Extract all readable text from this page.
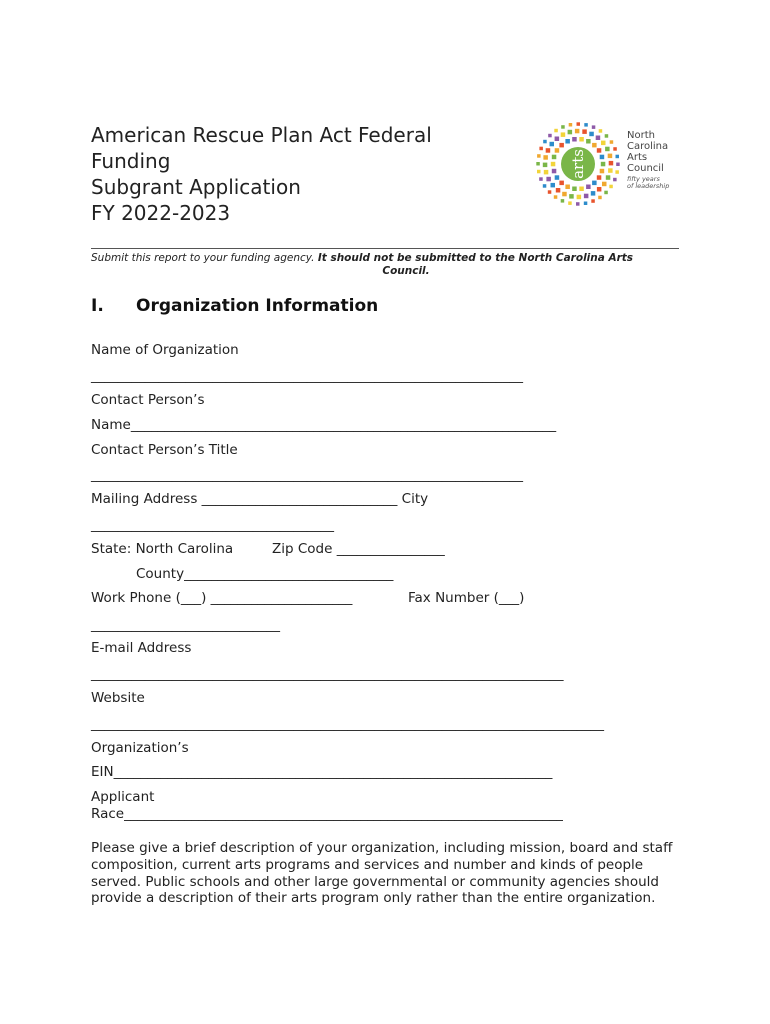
American Rescue Plan Act Federal
Funding
Subgrant Application
FY 2022-2023
arts
North
Carolina
Arts
Council
fifty years
of leadership
Submit this report to your funding agency. It should not be submitted to the North Carolina Arts
Council.
I. Organization Information
Name of Organization
________________________________________________________________
Contact Person’s
Name_______________________________________________________________
Contact Person’s Title
________________________________________________________________
Mailing Address _____________________________ City
____________________________________
State: North Carolina	Zip Code ________________
County_______________________________
Work Phone (___) _____________________	Fax Number (___)
____________________________
E-mail Address
______________________________________________________________________
Website
____________________________________________________________________________
Organization’s
EIN_________________________________________________________________
Applicant
Race_________________________________________________________________
Please give a brief description of your organization, including mission, board and staff composition, current arts programs and services and number and kinds of people served. Public schools and other large governmental or community agencies should provide a description of their arts program only rather than the entire organization.
